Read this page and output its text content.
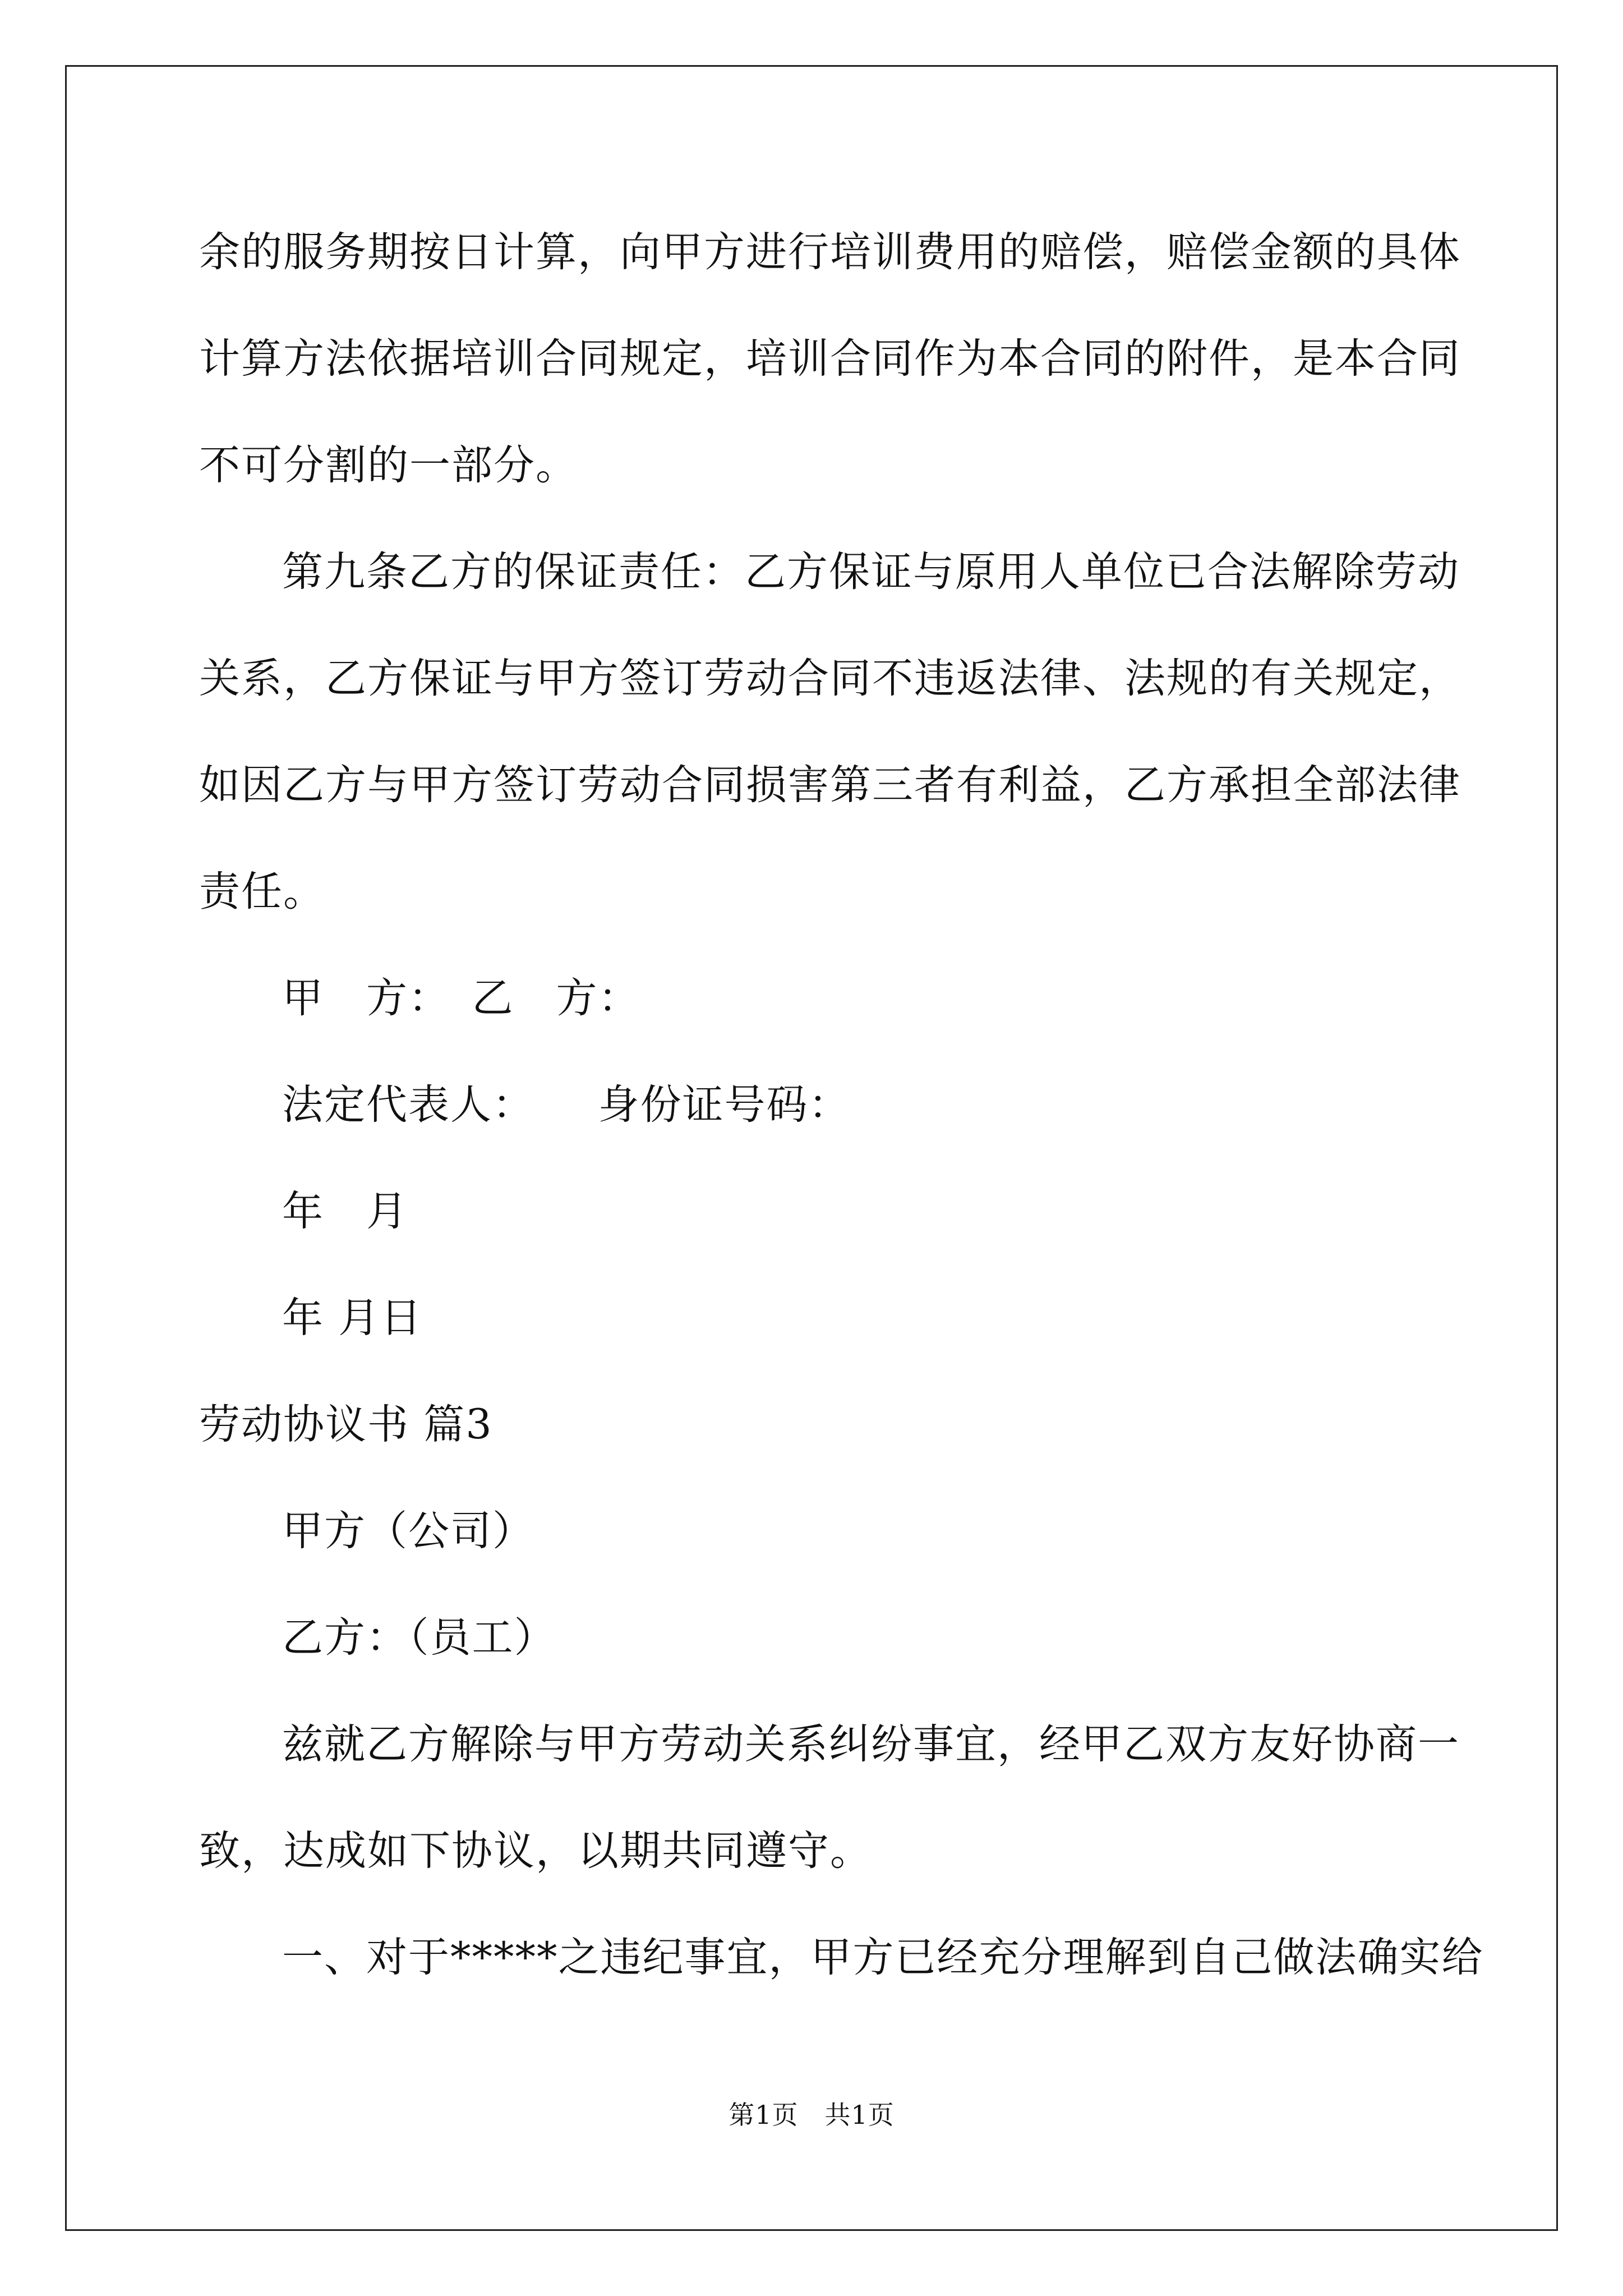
余的服务期按日计算，向甲方进行培训费用的赔偿，赔偿金额的具体

计算方法依据培训合同规定，培训合同作为本合同的附件，是本合同

不可分割的一部分。

第九条乙方的保证责任：乙方保证与原用人单位已合法解除劳动

关系，乙方保证与甲方签订劳动合同不违返法律、法规的有关规定，

如因乙方与甲方签订劳动合同损害第三者有利益，乙方承担全部法律

责任。

甲　方：　乙　方：

法定代表人：　　身份证号码：

年　月

年 月日

劳动协议书 篇3

甲方（公司）

乙方：（员工）

兹就乙方解除与甲方劳动关系纠纷事宜，经甲乙双方友好协商一

致，达成如下协议，以期共同遵守。

一、对于*****之违纪事宜，甲方已经充分理解到自己做法确实给

第1页　共1页
